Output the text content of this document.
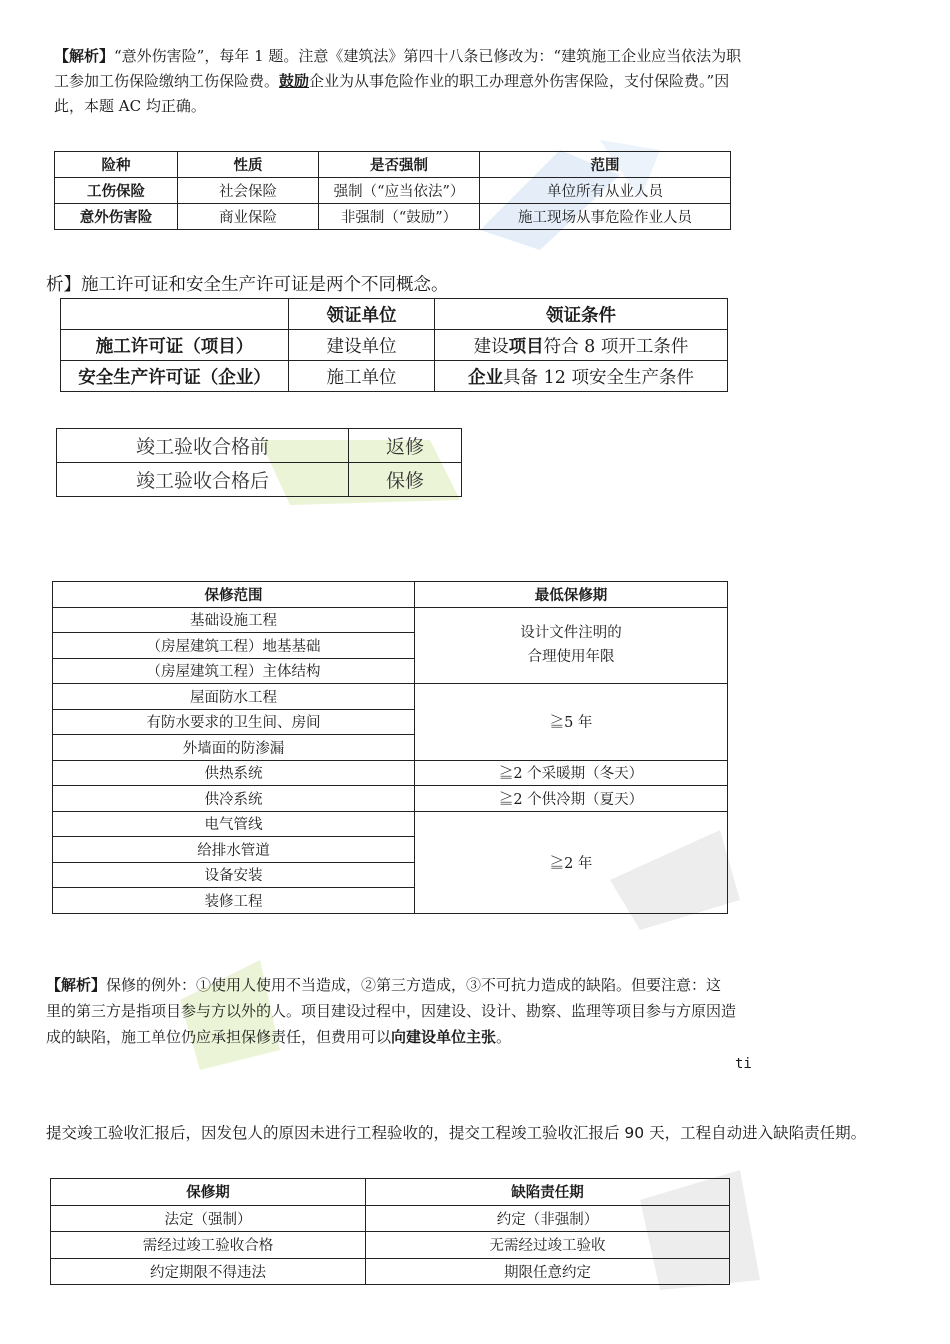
【解析】“意外伤害险”，每年 1 题。注意《建筑法》第四十八条已修改为：“建筑施工企业应当依法为职工参加工伤保险缴纳工伤保险费。鼓励企业为从事危险作业的职工办理意外伤害保险，支付保险费。”因此，本题 AC 均正确。

险种	性质	是否强制	范围
工伤保险	社会保险	强制（“应当依法”）	单位所有从业人员
意外伤害险	商业保险	非强制（“鼓励”）	施工现场从事危险作业人员

析】施工许可证和安全生产许可证是两个不同概念。

	领证单位	领证条件
施工许可证（项目）	建设单位	建设项目符合 8 项开工条件
安全生产许可证（企业）	施工单位	企业具备 12 项安全生产条件
竣工验收合格前	返修
竣工验收合格后	保修
保修范围	最低保修期
基础设施工程	设计文件注明的
合理使用年限
（房屋建筑工程）地基基础	
（房屋建筑工程）主体结构	
屋面防水工程	≧5 年
有防水要求的卫生间、房间	
外墙面的防渗漏	
供热系统	≧2 个采暖期（冬天）
供冷系统	≧2 个供冷期（夏天）
电气管线	≧2 年
给排水管道	
设备安装	
装修工程	

【解析】保修的例外：①使用人使用不当造成，②第三方造成，③不可抗力造成的缺陷。但要注意：这里的第三方是指项目参与方以外的人。项目建设过程中，因建设、设计、勘察、监理等项目参与方原因造成的缺陷，施工单位仍应承担保修责任，但费用可以向建设单位主张。

ti

提交竣工验收汇报后，因发包人的原因未进行工程验收的，提交工程竣工验收汇报后 90 天，工程自动进入缺陷责任期。

保修期	缺陷责任期
法定（强制）	约定（非强制）
需经过竣工验收合格	无需经过竣工验收
约定期限不得违法	期限任意约定
